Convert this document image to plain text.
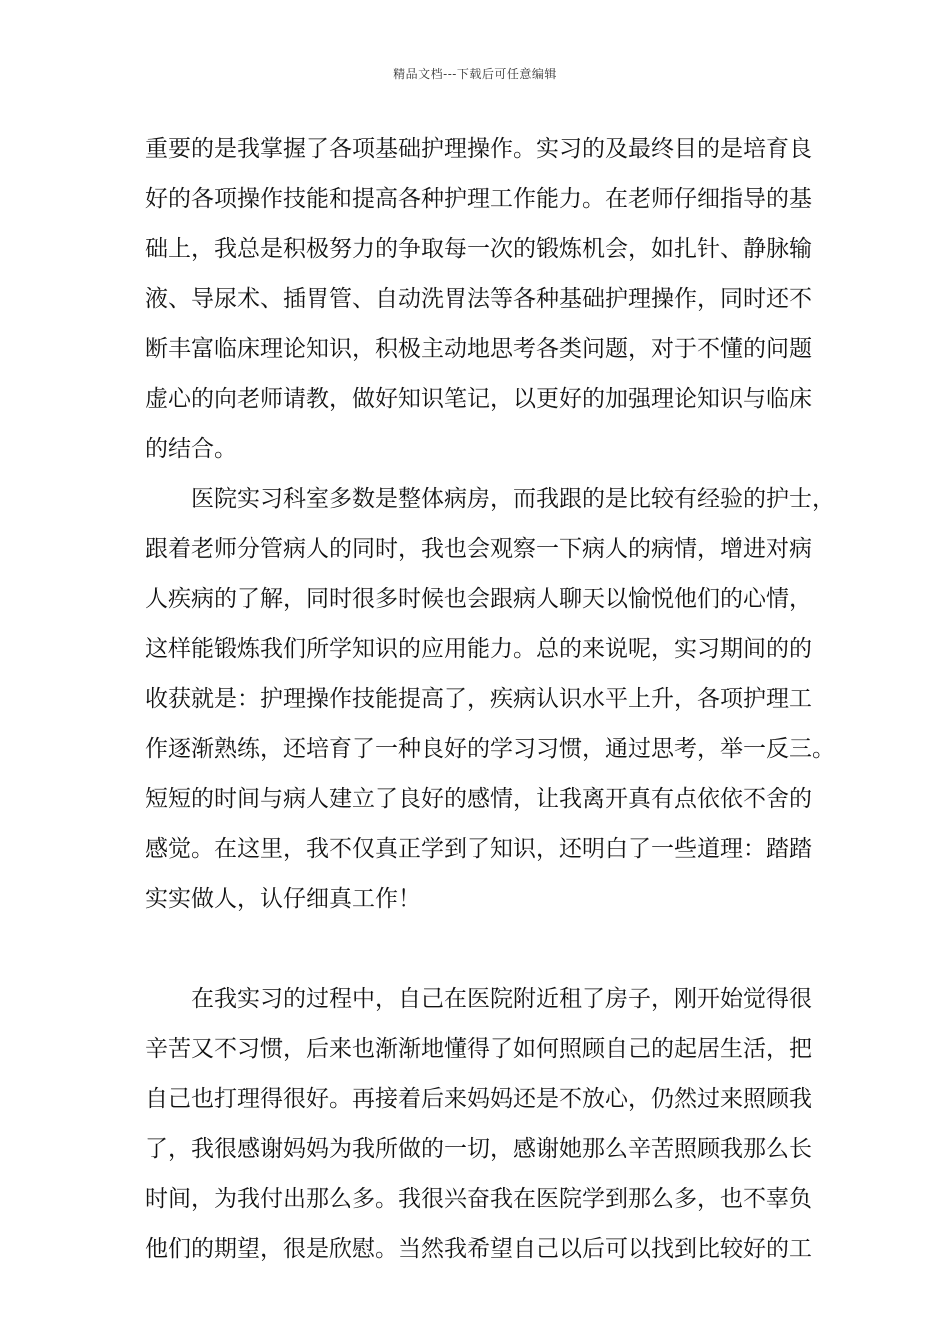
精品文档---下载后可任意编辑
重要的是我掌握了各项基础护理操作。实习的及最终目的是培育良
好的各项操作技能和提高各种护理工作能力。在老师仔细指导的基
础上，我总是积极努力的争取每一次的锻炼机会，如扎针、静脉输
液、导尿术、插胃管、自动洗胃法等各种基础护理操作，同时还不
断丰富临床理论知识，积极主动地思考各类问题，对于不懂的问题
虚心的向老师请教，做好知识笔记，以更好的加强理论知识与临床
的结合。
医院实习科室多数是整体病房，而我跟的是比较有经验的护士，
跟着老师分管病人的同时，我也会观察一下病人的病情，增进对病
人疾病的了解，同时很多时候也会跟病人聊天以愉悦他们的心情，
这样能锻炼我们所学知识的应用能力。总的来说呢，实习期间的的
收获就是：护理操作技能提高了，疾病认识水平上升，各项护理工
作逐渐熟练，还培育了一种良好的学习习惯，通过思考，举一反三。
短短的时间与病人建立了良好的感情，让我离开真有点依依不舍的
感觉。在这里，我不仅真正学到了知识，还明白了一些道理：踏踏
实实做人，认仔细真工作！
在我实习的过程中，自己在医院附近租了房子，刚开始觉得很
辛苦又不习惯，后来也渐渐地懂得了如何照顾自己的起居生活，把
自己也打理得很好。再接着后来妈妈还是不放心，仍然过来照顾我
了，我很感谢妈妈为我所做的一切，感谢她那么辛苦照顾我那么长
时间，为我付出那么多。我很兴奋我在医院学到那么多，也不辜负
他们的期望，很是欣慰。当然我希望自己以后可以找到比较好的工
